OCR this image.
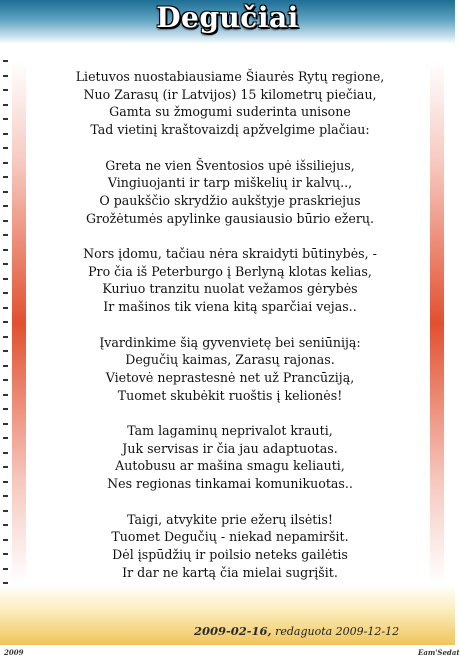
Degučiai
Lietuvos nuostabiausiame Šiaurės Rytų regione,
Nuo Zarasų (ir Latvijos) 15 kilometrų piečiau,
Gamta su žmogumi suderinta unisone
Tad vietinį kraštovaizdį apžvelgime plačiau:
Greta ne vien Šventosios upė išsiliejus,
Vingiuojanti ir tarp miškelių ir kalvų..,
O paukščio skrydžio aukštyje praskriejus
Grožėtumės apylinke gausiausio būrio ežerų.
Nors įdomu, tačiau nėra skraidyti būtinybės, -
Pro čia iš Peterburgo į Berlyną klotas kelias,
Kuriuo tranzitu nuolat vežamos gėrybės
Ir mašinos tik viena kitą sparčiai vejas..
Įvardinkime šią gyvenvietę bei seniūniją:
Degučių kaimas, Zarasų rajonas.
Vietovė neprastesnė net už Prancūziją,
Tuomet skubėkit ruoštis į kelionės!
Tam lagaminų neprivalot krauti,
Juk servisas ir čia jau adaptuotas.
Autobusu ar mašina smagu keliauti,
Nes regionas tinkamai komunikuotas..
Taigi, atvykite prie ežerų ilsėtis!
Tuomet Degučių - niekad nepamiršit.
Dėl įspūdžių ir poilsio neteks gailėtis
Ir dar ne kartą čia mielai sugrįšit.
2009-02-16, redaguota 2009-12-12
2009	Eam'Sedat
